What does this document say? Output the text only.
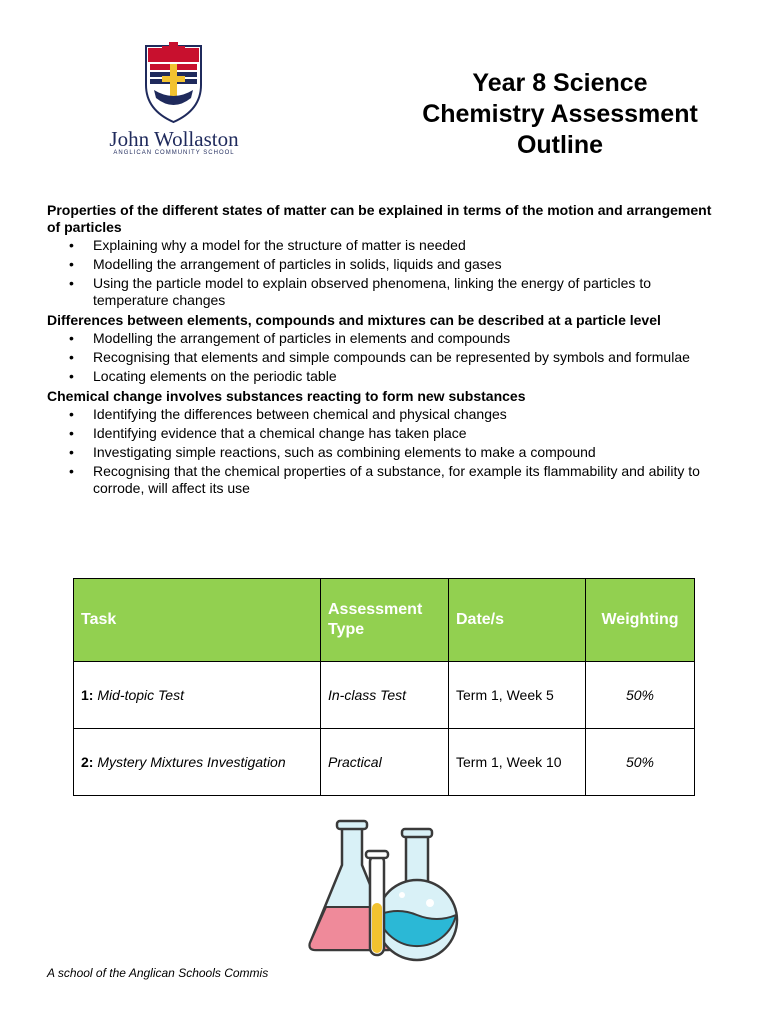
John Wollaston
ANGLICAN COMMUNITY SCHOOL
Year 8 Science
Chemistry Assessment
Outline
Properties of the different states of matter can be explained in terms of the motion and arrangement of particles
• Explaining why a model for the structure of matter is needed
• Modelling the arrangement of particles in solids, liquids and gases
• Using the particle model to explain observed phenomena, linking the energy of particles to temperature changes
Differences between elements, compounds and mixtures can be described at a particle level
• Modelling the arrangement of particles in elements and compounds
• Recognising that elements and simple compounds can be represented by symbols and formulae
• Locating elements on the periodic table
Chemical change involves substances reacting to form new substances
• Identifying the differences between chemical and physical changes
• Identifying evidence that a chemical change has taken place
• Investigating simple reactions, such as combining elements to make a compound
• Recognising that the chemical properties of a substance, for example its flammability and ability to corrode, will affect its use
Task	Assessment Type	Date/s	Weighting
1: Mid-topic Test	In-class Test	Term 1, Week 5	50%
2: Mystery Mixtures Investigation	Practical	Term 1, Week 10	50%
A school of the Anglican Schools Commis
